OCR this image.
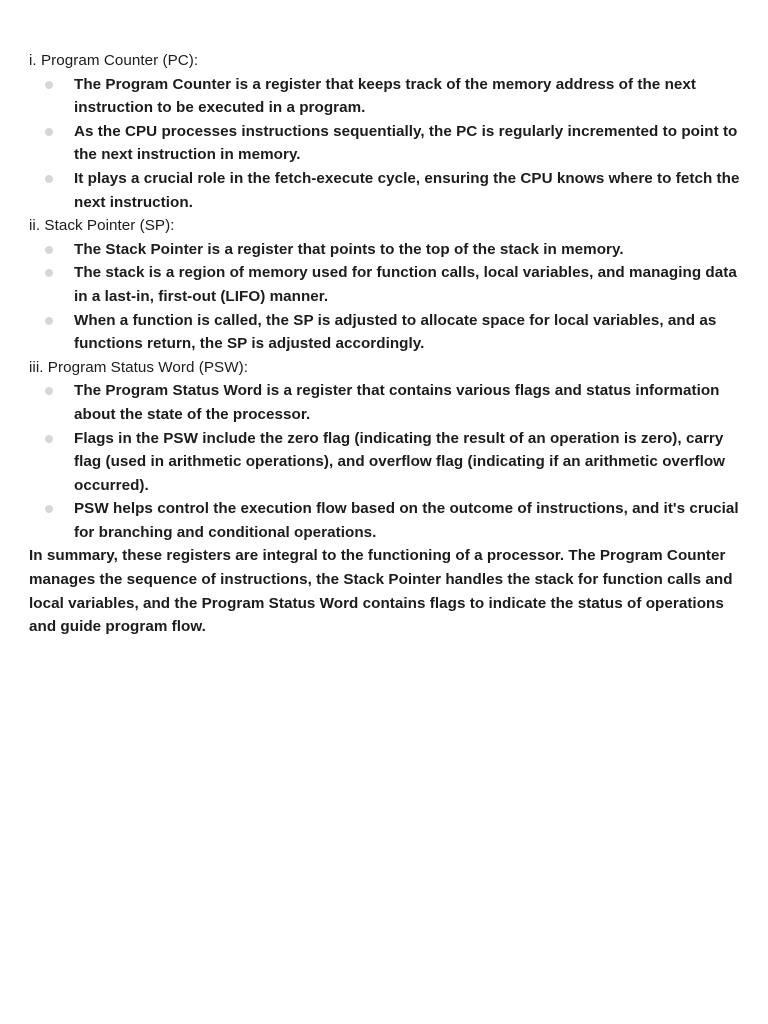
i. Program Counter (PC):

The Program Counter is a register that keeps track of the memory address of the next instruction to be executed in a program.
As the CPU processes instructions sequentially, the PC is regularly incremented to point to the next instruction in memory.
It plays a crucial role in the fetch-execute cycle, ensuring the CPU knows where to fetch the next instruction.

ii. Stack Pointer (SP):

The Stack Pointer is a register that points to the top of the stack in memory.
The stack is a region of memory used for function calls, local variables, and managing data in a last-in, first-out (LIFO) manner.
When a function is called, the SP is adjusted to allocate space for local variables, and as functions return, the SP is adjusted accordingly.

iii. Program Status Word (PSW):

The Program Status Word is a register that contains various flags and status information about the state of the processor.
Flags in the PSW include the zero flag (indicating the result of an operation is zero), carry flag (used in arithmetic operations), and overflow flag (indicating if an arithmetic overflow occurred).
PSW helps control the execution flow based on the outcome of instructions, and it's crucial for branching and conditional operations.

In summary, these registers are integral to the functioning of a processor. The Program Counter manages the sequence of instructions, the Stack Pointer handles the stack for function calls and local variables, and the Program Status Word contains flags to indicate the status of operations and guide program flow.
